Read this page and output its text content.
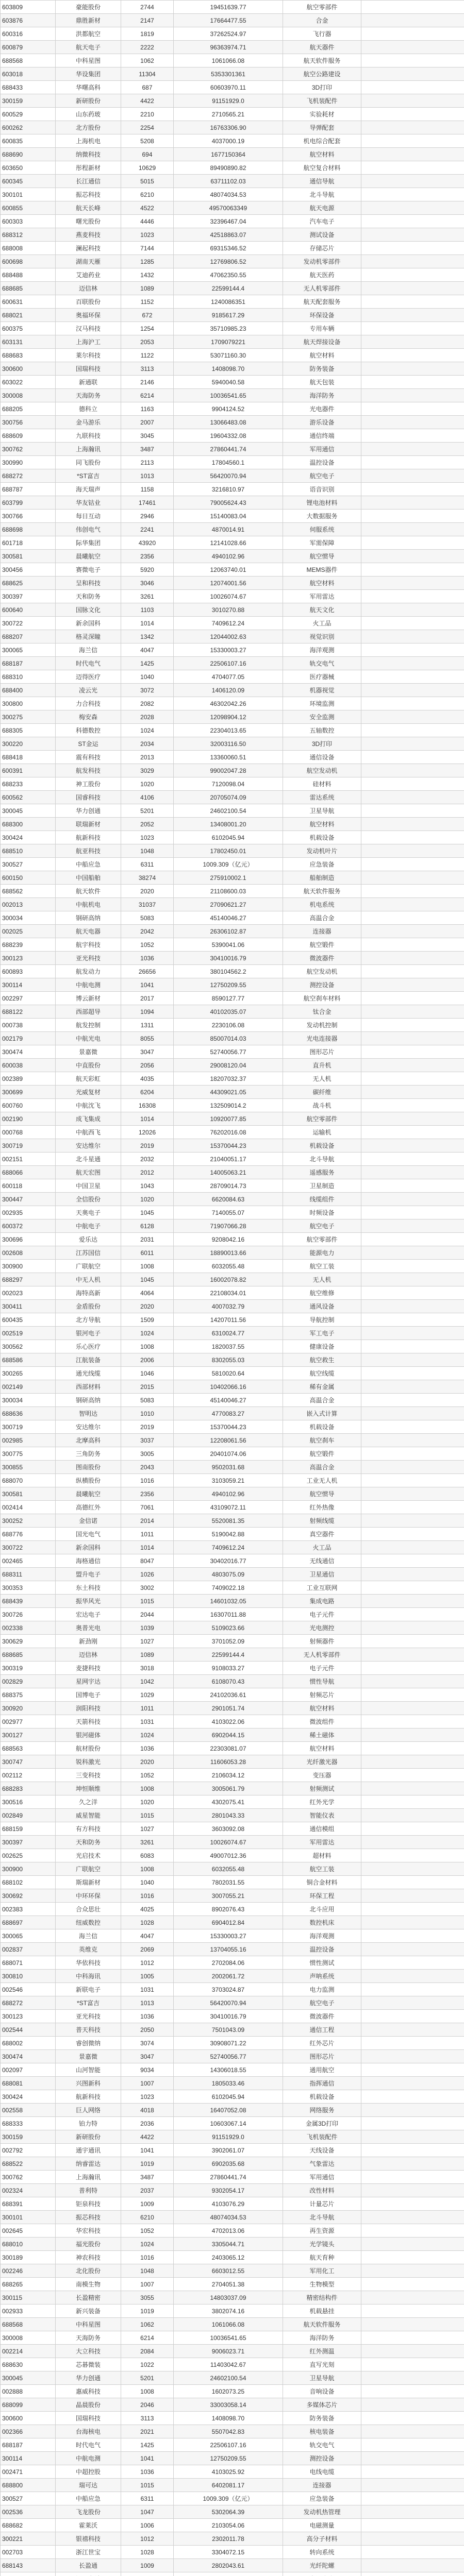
603809	豪能股份	2744	19451639.77	航空零部件	
603876	鼎胜新材	2147	17664477.55	合金	
600316	洪都航空	1819	37262524.97	飞行器	
600879	航天电子	2222	96363974.71	航天器件	
688568	中科星图	1062	1061066.08	航天软件服务	
603018	华设集团	11304	5353301361	航空公路建设	
688433	华曙高科	687	60603970.11	3D打印	
300159	新研股份	4422	91151929.0	飞机装配件	
600529	山东药玻	2210	2710565.21	实验耗材	
600262	北方股份	2254	16763306.90	导弹配套	
600835	上海机电	5208	4037000.19	机电综合配套	
688690	纳微科技	694	1677150364	航空材料	
603650	彤程新材	10629	89490890.82	航空复合材料	
600345	长江通信	5015	63711102.03	通信导航	
300101	振芯科技	6210	48074034.53	北斗导航	
600855	航天长峰	4522	49570063349	航天电源	
600303	曙光股份	4446	32396467.04	汽车电子	
688312	燕麦科技	1023	42518863.07	测试设备	
688008	澜起科技	7144	69315346.52	存储芯片	
600698	湖南天雁	1285	12769806.52	发动机零部件	
688488	艾迪药业	1432	47062350.55	航天医药	
688685	迈信林	1089	22599144.4	无人机零部件	
600631	百联股份	1152	1240086351	航天配套服务	
688021	奥福环保	672	9185617.29	环保设备	
600375	汉马科技	1254	35710985.23	专用车辆	
603131	上海沪工	2053	1709079221	航天焊接设备	
688683	莱尔科技	1122	53071160.30	航空材料	
300600	国瑞科技	3113	1408098.70	防务装备	
603022	新通联	2146	5940040.58	航天包装	
300008	天海防务	6214	10036541.65	海洋防务	
688205	德科立	1163	9904124.52	光电器件	
300756	金马游乐	2007	13066483.08	游乐设备	
688609	九联科技	3045	19604332.08	通信终端	
300762	上海瀚讯	3487	27860441.74	军用通信	
300990	同飞股份	2113	17804560.1	温控设备	
688272	*ST富吉	1013	56420070.94	航空电子	
688787	海天瑞声	1158	3216810.97	语音识别	
603799	华友钴业	17461	79005624.43	锂电池材料	
300766	每日互动	2946	15140083.04	大数据服务	
688698	伟创电气	2241	4870014.91	伺服系统	
601718	际华集团	43920	12141028.66	军需保障	
300581	晨曦航空	2356	4940102.96	航空惯导	
300456	赛微电子	5920	12063740.01	MEMS器件	
688625	呈和科技	3046	12074001.56	航空材料	
300397	天和防务	3261	10026074.67	军用雷达	
600640	国脉文化	1103	3010270.88	航天文化	
300722	新余国科	1014	7409612.24	火工品	
688207	格灵深瞳	1342	12044002.63	视觉识别	
300065	海兰信	4047	15330003.27	海洋观测	
688187	时代电气	1425	22506107.16	轨交电气	
688310	迈得医疗	1040	4704077.05	医疗器械	
688400	凌云光	3072	1406120.09	机器视觉	
300800	力合科技	2082	46302042.26	环境监测	
300275	梅安森	2028	12098904.12	安全监测	
688305	科德数控	1024	22304013.65	五轴数控	
300220	ST金运	2034	32003116.50	3D打印	
688418	震有科技	2013	13360060.51	通信设备	
600391	航发科技	3029	99002047.28	航空发动机	
688233	神工股份	1020	7120098.04	硅材料	
600562	国睿科技	4106	20705074.09	雷达系统	
300045	华力创通	5201	24602100.54	卫星导航	
688300	联瑞新材	2052	13408001.20	航空材料	
300424	航新科技	1023	6102045.94	机载设备	
688510	航亚科技	1048	17802450.01	发动机叶片	
300527	中船应急	6311	1009.309（亿元）	应急装备	
600150	中国船舶	38274	275910002.1	船舶制造	
688562	航天软件	2020	21108600.03	航天软件服务	
002013	中航机电	31037	27090621.27	机电系统	
300034	钢研高纳	5083	45140046.27	高温合金	
002025	航天电器	2042	26306102.87	连接器	
688239	航宇科技	1052	5390041.06	航空锻件	
300123	亚光科技	1036	30410016.79	微波器件	
600893	航发动力	26656	380104562.2	航空发动机	
300114	中航电测	1041	12750209.55	测控设备	
002297	博云新材	2017	8590127.77	航空刹车材料	
688122	西部超导	1094	40102035.07	钛合金	
000738	航发控制	1311	2230106.08	发动机控制	
002179	中航光电	8055	85007014.03	光电连接器	
300474	景嘉微	3047	52740056.77	图形芯片	
600038	中直股份	2056	29008120.04	直升机	
002389	航天彩虹	4035	18207032.37	无人机	
300699	光威复材	6204	44309021.05	碳纤维	
600760	中航沈飞	16308	132509014.2	战斗机	
002190	成飞集成	1014	10920077.85	航空零部件	
000768	中航西飞	12026	76202016.08	运输机	
300719	安达维尔	2019	15370044.23	机载设备	
002151	北斗星通	2032	21040051.17	北斗导航	
688066	航天宏图	2012	14005063.21	遥感服务	
600118	中国卫星	1043	28709014.73	卫星制造	
300447	全信股份	1020	6620084.63	线缆组件	
002935	天奥电子	1045	7140055.07	时频设备	
600372	中航电子	6128	71907066.28	航空电子	
300696	爱乐达	2031	9208042.16	航空零部件	
002608	江苏国信	6011	18890013.66	能源电力	
300900	广联航空	1008	6032055.48	航空工装	
688297	中无人机	1045	16002078.82	无人机	
002023	海特高新	4064	22108034.01	航空维修	
300411	金盾股份	2020	4007032.79	通风设备	
600435	北方导航	1509	14207011.56	导航控制	
002519	银河电子	1024	6310024.77	军工电子	
300562	乐心医疗	1008	1820037.55	健康设备	
688586	江航装备	2006	8302055.03	航空救生	
300265	通光线缆	1046	5810020.64	航空线缆	
002149	西部材料	2015	10402066.16	稀有金属	
300034	钢研高纳	5083	45140046.27	高温合金	
688636	智明达	1010	4770083.27	嵌入式计算	
300719	安达维尔	2019	15370044.23	机载设备	
002985	北摩高科	3037	12208061.56	航空刹车	
300775	三角防务	3005	20401074.06	航空锻件	
300855	图南股份	2043	9502031.68	高温合金	
688070	纵横股份	1016	3103059.21	工业无人机	
300581	晨曦航空	2356	4940102.96	航空惯导	
002414	高德红外	7061	43109072.11	红外热像	
300252	金信诺	2014	5520081.35	射频线缆	
688776	国光电气	1011	5190042.88	真空器件	
300722	新余国科	1014	7409612.24	火工品	
002465	海格通信	8047	30402016.77	无线通信	
688311	盟升电子	1026	4803075.09	卫星通信	
300353	东土科技	3002	7409022.18	工业互联网	
688439	振华风光	1015	14601032.05	集成电路	
300726	宏达电子	2044	16307011.88	电子元件	
002338	奥普光电	1039	5109023.66	光电测控	
300629	新劲刚	1027	3701052.09	射频器件	
688685	迈信林	1089	22599144.4	无人机零部件	
300319	麦捷科技	3018	9108033.27	电子元件	
002829	星网宇达	1042	6108070.43	惯性导航	
688375	国博电子	1029	24102036.61	射频芯片	
300920	润阳科技	1011	2901051.74	航空材料	
002977	天箭科技	1031	4103022.06	微波组件	
300127	银河磁体	1024	6902044.15	稀土磁体	
688563	航材股份	1036	22303081.07	航空材料	
300747	锐科激光	2020	11606053.28	光纤激光器	
002112	三变科技	1052	2106034.12	变压器	
688283	坤恒顺维	1008	3005061.79	射频测试	
300516	久之洋	1020	4302075.41	红外光学	
002849	威星智能	1015	2801043.33	智能仪表	
688159	有方科技	1027	3603092.08	通信模组	
300397	天和防务	3261	10026074.67	军用雷达	
002625	光启技术	6083	49007012.36	超材料	
300900	广联航空	1008	6032055.48	航空工装	
688102	斯瑞新材	1040	7802031.55	铜合金材料	
300692	中环环保	1016	3007055.21	环保工程	
002383	合众思壮	4025	8902076.43	北斗应用	
688697	纽威数控	1028	6904012.84	数控机床	
300065	海兰信	4047	15330003.27	海洋观测	
002837	英维克	2069	13704055.16	温控设备	
688071	华依科技	1012	2702084.06	惯性测试	
300810	中科海讯	1005	2002061.72	声呐系统	
002546	新联电子	1031	3703024.87	电力监测	
688272	*ST富吉	1013	56420070.94	航空电子	
300123	亚光科技	1036	30410016.79	微波器件	
002544	普天科技	2050	7501043.09	通信工程	
688002	睿创微纳	3074	30908071.22	红外芯片	
300474	景嘉微	3047	52740056.77	图形芯片	
002097	山河智能	9034	14306018.55	通用航空	
688081	兴图新科	1007	1805033.46	指挥通信	
300424	航新科技	1023	6102045.94	机载设备	
002558	巨人网络	4018	16407052.08	网络服务	
688333	铂力特	2036	10603067.14	金属3D打印	
300159	新研股份	4422	91151929.0	飞机装配件	
002792	通宇通讯	1041	3902061.07	天线设备	
688522	纳睿雷达	1019	6902035.68	气象雷达	
300762	上海瀚讯	3487	27860441.74	军用通信	
002324	普利特	2037	9302054.17	改性材料	
688391	钜泉科技	1009	4103076.29	计量芯片	
300101	振芯科技	6210	48074034.53	北斗导航	
002645	华宏科技	1052	4702013.06	再生资源	
688010	福光股份	1024	3305044.71	光学镜头	
300189	神农科技	1016	2403065.12	航天育种	
002246	北化股份	1048	6603012.55	军用化工	
688265	南模生物	1007	2704051.38	生物模型	
300115	长盈精密	3055	14803037.09	精密结构件	
002933	新兴装备	1019	3802074.16	机载悬挂	
688568	中科星图	1062	1061066.08	航天软件服务	
300008	天海防务	6214	10036541.65	海洋防务	
002214	大立科技	2084	9006023.71	红外测温	
688630	芯碁微装	1022	11403042.67	直写光刻	
300045	华力创通	5201	24602100.54	卫星导航	
002888	惠威科技	1008	1602073.25	音响设备	
688099	晶晨股份	2046	33003058.14	多媒体芯片	
300600	国瑞科技	3113	1408098.70	防务装备	
002366	台海核电	2021	5507042.83	核电装备	
688187	时代电气	1425	22506107.16	轨交电气	
300114	中航电测	1041	12750209.55	测控设备	
002471	中超控股	1036	4103025.92	电线电缆	
688800	瑞可达	1015	6402081.17	连接器	
300527	中船应急	6311	1009.309（亿元）	应急装备	
002536	飞龙股份	1047	5302064.39	发动机热管理	
688682	霍莱沃	1006	2103054.06	电磁测量	
300221	银禧科技	1012	2302011.78	高分子材料	
002703	浙江世宝	1028	3304072.15	转向系统	
688143	长盈通	1009	2802043.61	光纤陀螺	
